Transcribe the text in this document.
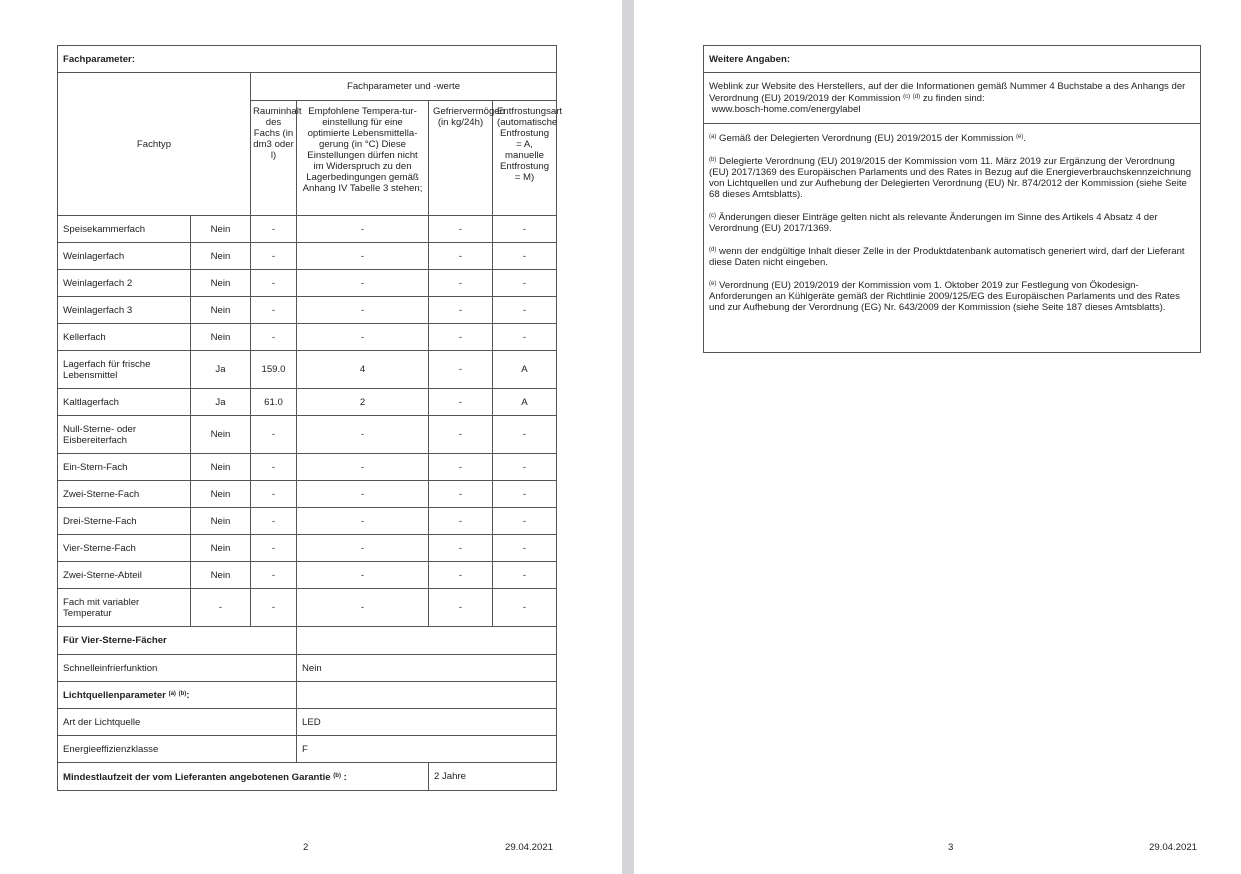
Fachparameter:					
Fachtyp		Fachparameter und -werte			
		Rauminhalt des Fachs (in dm3 oder l)	Empfohlene Tempera-tur-einstellung für eine optimierte Lebensmittella-gerung (in °C) Diese Einstellungen dürfen nicht im Widerspruch zu den Lagerbedingungen gemäß Anhang IV Tabelle 3 stehen;	Gefriervermögen (in kg/24h)	Entfrostungsart (automatische Entfrostung = A, manuelle Entfrostung = M)
Speisekammerfach	Nein	-	-	-	-
Weinlagerfach	Nein	-	-	-	-
Weinlagerfach 2	Nein	-	-	-	-
Weinlagerfach 3	Nein	-	-	-	-
Kellerfach	Nein	-	-	-	-
Lagerfach für frische Lebensmittel	Ja	159.0	4	-	A
Kaltlagerfach	Ja	61.0	2	-	A
Null-Sterne- oder Eisbereiterfach	Nein	-	-	-	-
Ein-Stern-Fach	Nein	-	-	-	-
Zwei-Sterne-Fach	Nein	-	-	-	-
Drei-Sterne-Fach	Nein	-	-	-	-
Vier-Sterne-Fach	Nein	-	-	-	-
Zwei-Sterne-Abteil	Nein	-	-	-	-
Fach mit variabler Temperatur	-	-	-	-	-
Für Vier-Sterne-Fächer					
Schnelleinfrierfunktion			Nein		
Lichtquellenparameter $^{(a)}$ $^{(b)}$:					
Art der Lichtquelle			LED		
Energieeffizienzklasse			F		
Mindestlaufzeit der vom Lieferanten angebotenen Garantie $^{(b)}$ :				2 Jahre	
2	29.04.2021
Weitere Angaben:
Weblink zur Website des Herstellers, auf der die Informationen gemäß Nummer 4 Buchstabe a des Anhangs der Verordnung (EU) 2019/2019 der Kommission $^{(c)}$ $^{(d)}$ zu finden sind:
www.bosch-home.com/energylabel

$^{(a)}$ Gemäß der Delegierten Verordnung (EU) 2019/2015 der Kommission $^{(e)}$.

$^{(b)}$ Delegierte Verordnung (EU) 2019/2015 der Kommission vom 11. März 2019 zur Ergänzung der Verordnung (EU) 2017/1369 des Europäischen Parlaments und des Rates in Bezug auf die Energieverbrauchskennzeichnung von Lichtquellen und zur Aufhebung der Delegierten Verordnung (EU) Nr. 874/2012 der Kommission (siehe Seite 68 dieses Amtsblatts).

$^{(c)}$ Änderungen dieser Einträge gelten nicht als relevante Änderungen im Sinne des Artikels 4 Absatz 4 der Verordnung (EU) 2017/1369.

$^{(d)}$ wenn der endgültige Inhalt dieser Zelle in der Produktdatenbank automatisch generiert wird, darf der Lieferant diese Daten nicht eingeben.

$^{(e)}$ Verordnung (EU) 2019/2019 der Kommission vom 1. Oktober 2019 zur Festlegung von Ökodesign-Anforderungen an Kühlgeräte gemäß der Richtlinie 2009/125/EG des Europäischen Parlaments und des Rates und zur Aufhebung der Verordnung (EG) Nr. 643/2009 der Kommission (siehe Seite 187 dieses Amtsblatts).

3	29.04.2021
